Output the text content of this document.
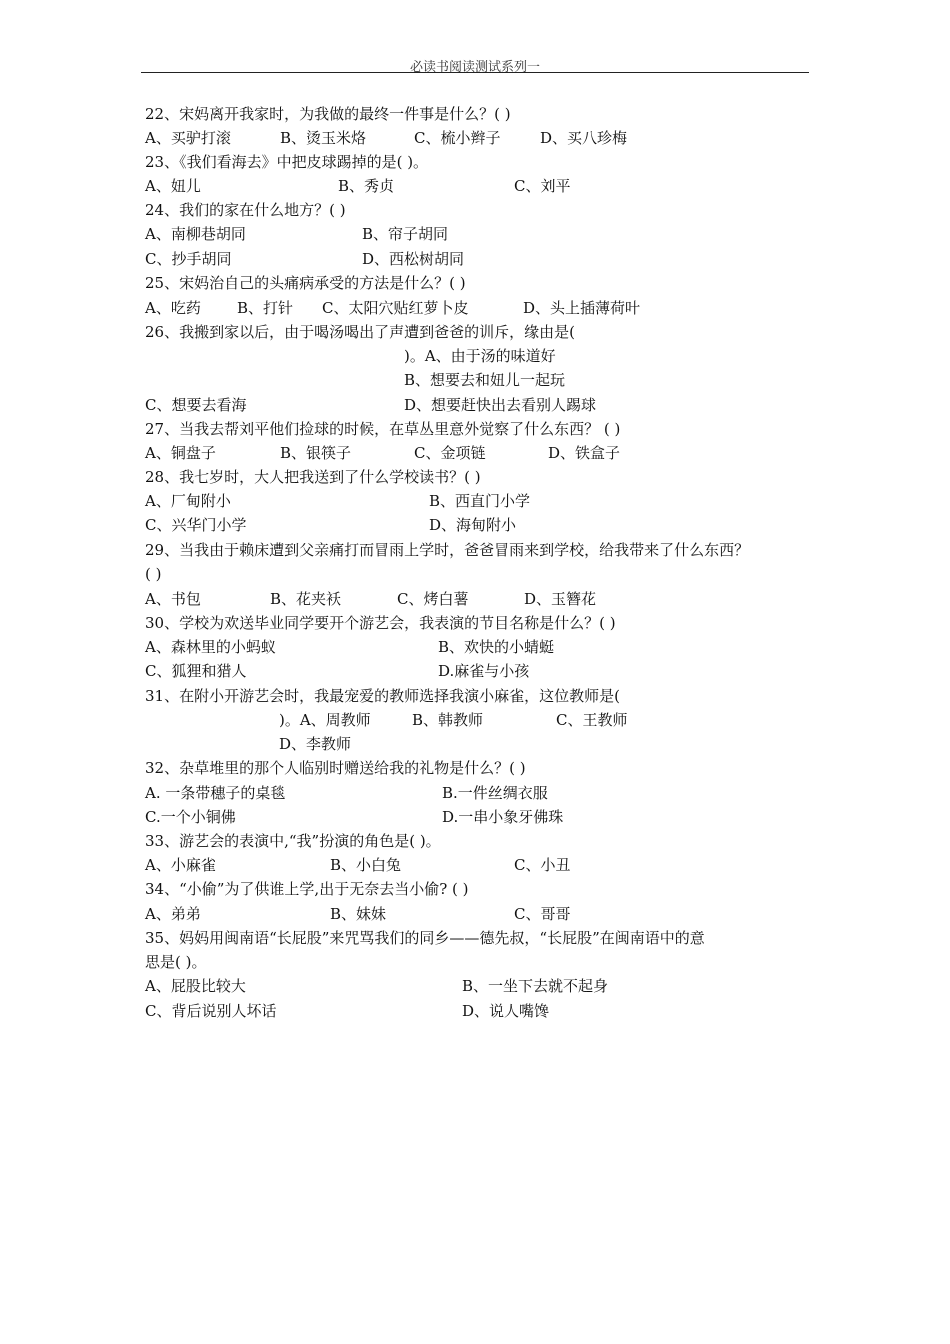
必读书阅读测试系列一
22、宋妈离开我家时，为我做的最终一件事是什么？( )
A、买驴打滚	B、烫玉米烙	C、梳小辫子	D、买八珍梅
23、《我们看海去》中把皮球踢掉的是( )。
A、妞儿	B、秀贞	C、刘平
24、我们的家在什么地方？( )
A、南柳巷胡同	B、帘子胡同
C、抄手胡同	D、西松树胡同
25、宋妈治自己的头痛病承受的方法是什么？( )
A、吃药 B、打针 C、太阳穴贴红萝卜皮	D、头上插薄荷叶
26、我搬到家以后，由于喝汤喝出了声遭到爸爸的训斥，缘由是(
)。A、由于汤的味道好
B、想要去和妞儿一起玩
C、想要去看海	D、想要赶快出去看别人踢球
27、当我去帮刘平他们捡球的时候，在草丛里意外觉察了什么东西？ ( )
A、铜盘子	B、银筷子	C、金项链	D、铁盒子
28、我七岁时，大人把我送到了什么学校读书？( )
A、厂甸附小	B、西直门小学
C、兴华门小学	D、海甸附小
29、当我由于赖床遭到父亲痛打而冒雨上学时，爸爸冒雨来到学校，给我带来了什么东西？
( )
A、书包	B、花夹袄	C、烤白薯	D、玉簪花
30、学校为欢送毕业同学要开个游艺会，我表演的节目名称是什么？( )
A、森林里的小蚂蚁	B、欢快的小蜻蜓
C、狐狸和猎人	D.麻雀与小孩
31、在附小开游艺会时，我最宠爱的教师选择我演小麻雀，这位教师是(
)。A、周教师	B、韩教师	C、王教师
D、李教师
32、杂草堆里的那个人临别时赠送给我的礼物是什么？( )
A. 一条带穗子的桌毯	B.一件丝绸衣服
C.一个小铜佛	D.一串小象牙佛珠
33、游艺会的表演中,“我”扮演的角色是( )。
A、小麻雀	B、小白兔	C、小丑
34、“小偷”为了供谁上学,出于无奈去当小偷? ( )
A、弟弟	B、妹妹	C、哥哥
35、妈妈用闽南语“长屁股”来咒骂我们的同乡——德先叔，“长屁股”在闽南语中的意
思是( )。
A、屁股比较大	B、一坐下去就不起身
C、背后说别人坏话	D、说人嘴馋
